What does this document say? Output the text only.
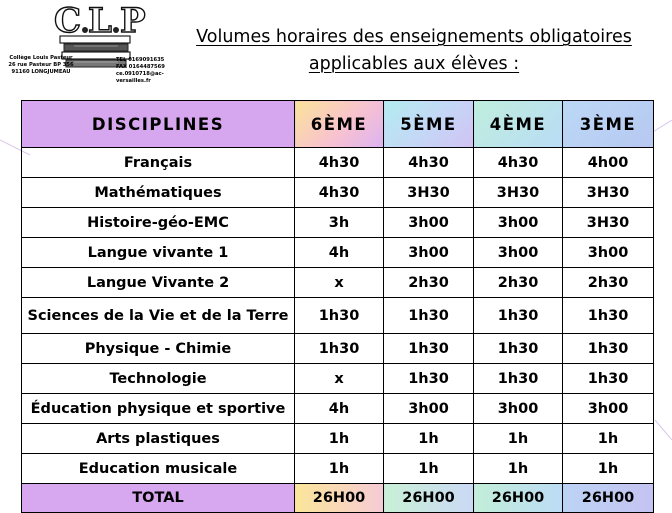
C L P
Collège Louis Pasteur
26 rue Pasteur BP 356
91160 LONGJUMEAU
TEL 0169091635
FAX 0164487569
ce.0910718@ac-versailles.fr
Volumes horaires des enseignements obligatoires
applicables aux élèves :
DISCIPLINES	6ÈME	5ÈME	4ÈME	3ÈME
Français	4h30	4h30	4h30	4h00
Mathématiques	4h30	3H30	3H30	3H30
Histoire-géo-EMC	3h	3h00	3h00	3H30
Langue vivante 1	4h	3h00	3h00	3h00
Langue Vivante 2	x	2h30	2h30	2h30
Sciences de la Vie et de la Terre	1h30	1h30	1h30	1h30
Physique - Chimie	1h30	1h30	1h30	1h30
Technologie	x	1h30	1h30	1h30
Éducation physique et sportive	4h	3h00	3h00	3h00
Arts plastiques	1h	1h	1h	1h
Education musicale	1h	1h	1h	1h
TOTAL	26H00	26H00	26H00	26H00
